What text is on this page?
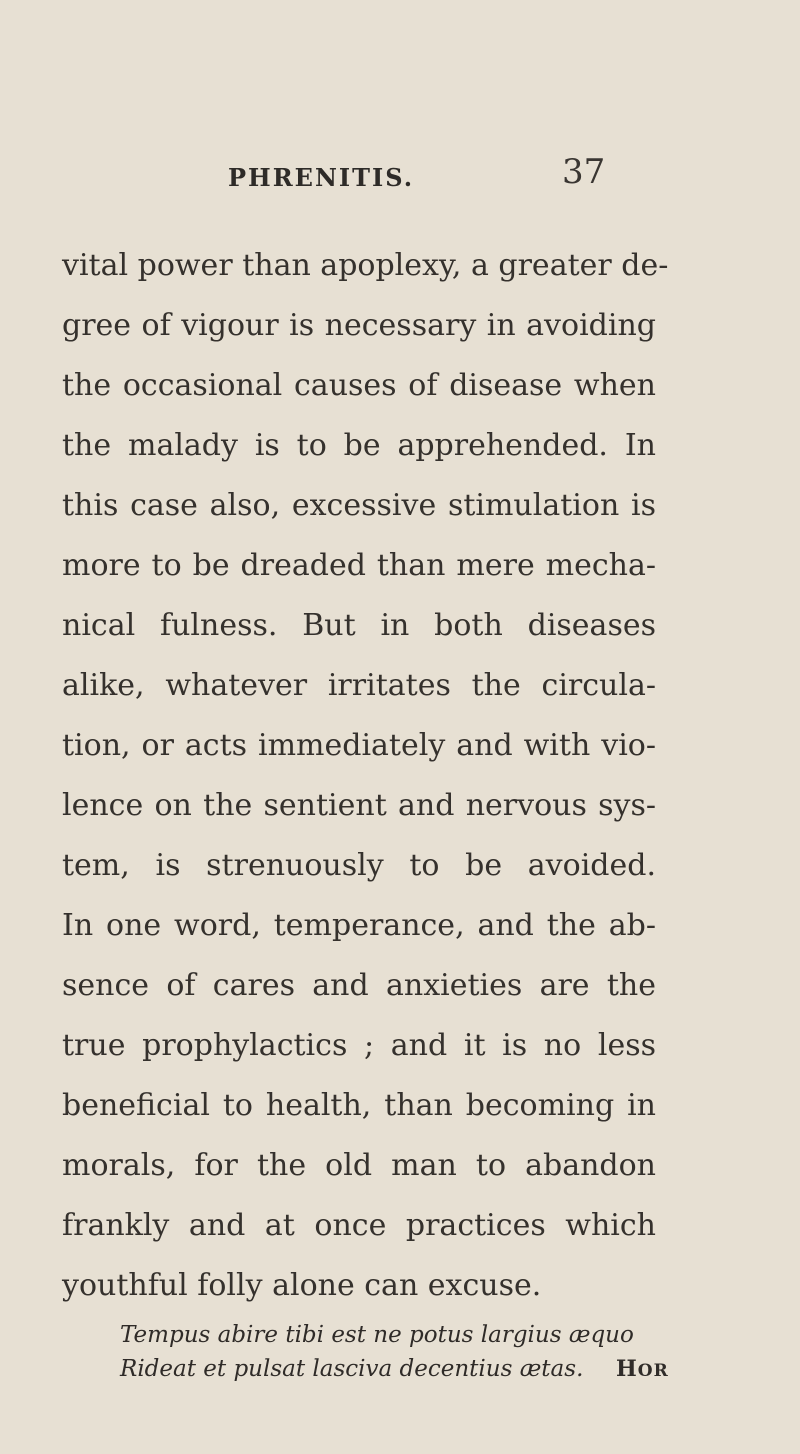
PHRENITIS.	37
vital power than apoplexy, a greater de-
gree of vigour is necessary in avoiding
the occasional causes of disease when
the malady is to be apprehended. In
this case also, excessive stimulation is
more to be dreaded than mere mecha-
nical fulness. But in both diseases
alike, whatever irritates the circula-
tion, or acts immediately and with vio-
lence on the sentient and nervous sys-
tem, is strenuously to be avoided.
In one word, temperance, and the ab-
sence of cares and anxieties are the
true prophylactics ; and it is no less
beneficial to health, than becoming in
morals, for the old man to abandon
frankly and at once practices which
youthful folly alone can excuse.
Tempus abire tibi est ne potus largius æquo
Rideat et pulsat lasciva decentius ætas. HOR
